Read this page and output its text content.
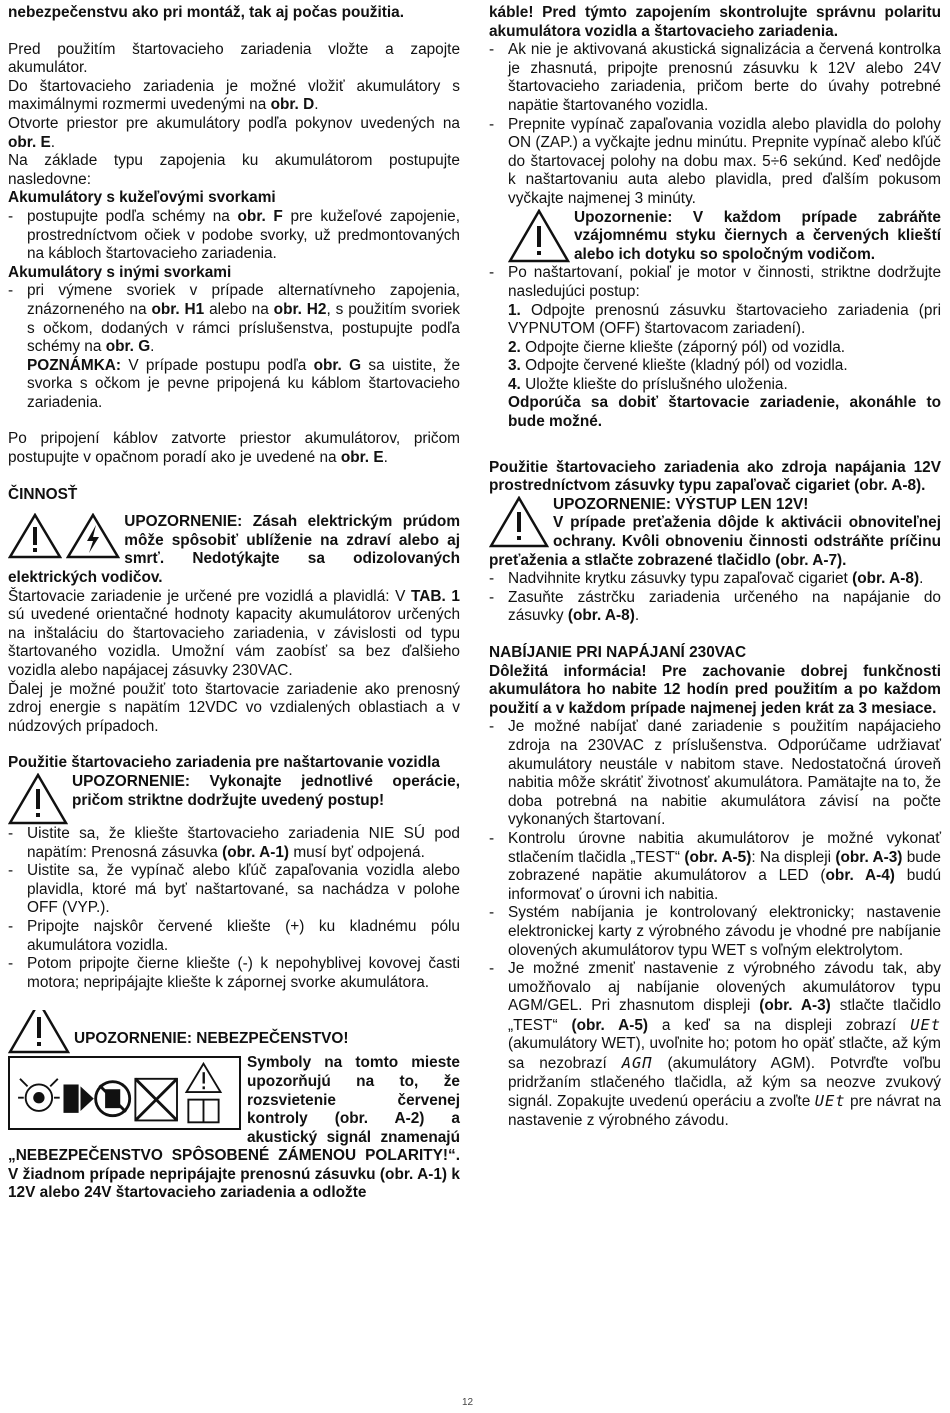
nebezpečenstvu ako pri montáž, tak aj počas použitia.

Pred použitím štartovacieho zariadenia vložte a zapojte akumulátor.

Do štartovacieho zariadenia je možné vložiť akumulátory s maximálnymi rozmermi uvedenými na obr. D.

Otvorte priestor pre akumulátory podľa pokynov uvedených na obr. E.

Na základe typu zapojenia ku akumulátorom postupujte nasledovne:

Akumulátory s kužeľovými svorkami

- postupujte podľa schémy na obr. F pre kužeľové zapojenie, prostredníctvom očiek v podobe svorky, už predmontovaných na kábloch štartovacieho zariadenia.

Akumulátory s inými svorkami

- pri výmene svoriek v prípade alternatívneho zapojenia, znázorneného na obr. H1 alebo na obr. H2, s použitím svoriek s očkom, dodaných v rámci príslušenstva, postupujte podľa schémy na obr. G.

POZNÁMKA: V prípade postupu podľa obr. G sa uistite, že svorka s očkom je pevne pripojená ku káblom štartovacieho zariadenia.

Po pripojení káblov zatvorte priestor akumulátorov, pričom postupujte v opačnom poradí ako je uvedené na obr. E.

ČINNOSŤ

UPOZORNENIE: Zásah elektrickým prúdom môže spôsobiť ublíženie na zdraví alebo aj smrť. Nedotýkajte sa odizolovaných elektrických vodičov.

Štartovacie zariadenie je určené pre vozidlá a plavidlá: V TAB. 1 sú uvedené orientačné hodnoty kapacity akumulátorov určených na inštaláciu do štartovacieho zariadenia, v závislosti od typu štartovaného vozidla. Umožní vám zaobísť sa bez ďalšieho vozidla alebo napájacej zásuvky 230VAC.

Ďalej je možné použiť toto štartovacie zariadenie ako prenosný zdroj energie s napätím 12VDC vo vzdialených oblastiach a v núdzových prípadoch.

Použitie štartovacieho zariadenia pre naštartovanie vozidla

UPOZORNENIE: Vykonajte jednotlivé operácie, pričom striktne dodržujte uvedený postup!

- Uistite sa, že kliešte štartovacieho zariadenia NIE SÚ pod napätím: Prenosná zásuvka (obr. A-1) musí byť odpojená.
- Uistite sa, že vypínač alebo kľúč zapaľovania vozidla alebo plavidla, ktoré má byť naštartované, sa nachádza v polohe OFF (VYP.).
- Pripojte najskôr červené kliešte (+) ku kladnému pólu akumulátora vozidla.
- Potom pripojte čierne kliešte (-) k nepohyblivej kovovej časti motora; nepripájajte kliešte k zápornej svorke akumulátora.

UPOZORNENIE: NEBEZPEČENSTVO!

Symboly na tomto mieste upozorňujú na to, že rozsvietenie červenej kontroly (obr. A-2) a akustický signál znamenajú „NEBEZPEČENSTVO SPÔSOBENÉ ZÁMENOU POLARITY!“. V žiadnom prípade nepripájajte prenosnú zásuvku (obr. A-1) k 12V alebo 24V štartovacieho zariadenia a odložte

káble! Pred týmto zapojením skontrolujte správnu polaritu akumulátora vozidla a štartovacieho zariadenia.

- Ak nie je aktivovaná akustická signalizácia a červená kontrolka je zhasnutá, pripojte prenosnú zásuvku k 12V alebo 24V štartovacieho zariadenia, pričom berte do úvahy potrebné napätie štartovaného vozidla.
- Prepnite vypínač zapaľovania vozidla alebo plavidla do polohy ON (ZAP.) a vyčkajte jednu minútu. Prepnite vypínač alebo kľúč do štartovacej polohy na dobu max. 5÷6 sekúnd. Keď nedôjde k naštartovaniu auta alebo plavidla, pred ďalším pokusom vyčkajte najmenej 3 minúty.

Upozornenie: V každom prípade zabráňte vzájomnému styku čiernych a červených klieští alebo ich dotyku so spoločným vodičom.

- Po naštartovaní, pokiaľ je motor v činnosti, striktne dodržujte nasledujúci postup:
1. Odpojte prenosnú zásuvku štartovacieho zariadenia (pri VYPNUTOM (OFF) štartovacom zariadení).
2. Odpojte čierne kliešte (záporný pól) od vozidla.
3. Odpojte červené kliešte (kladný pól) od vozidla.
4. Uložte kliešte do príslušného uloženia.

Odporúča sa dobiť štartovacie zariadenie, akonáhle to bude možné.

Použitie štartovacieho zariadenia ako zdroja napájania 12V prostredníctvom zásuvky typu zapaľovač cigariet (obr. A-8).

UPOZORNENIE: VÝSTUP LEN 12V!

V prípade preťaženia dôjde k aktivácii obnoviteľnej ochrany. Kvôli obnoveniu činnosti odstráňte príčinu preťaženia a stlačte zobrazené tlačidlo (obr. A-7).

- Nadvihnite krytku zásuvky typu zapaľovač cigariet (obr. A-8).
- Zasuňte zástrčku zariadenia určeného na napájanie do zásuvky (obr. A-8).

NABÍJANIE PRI NAPÁJANÍ 230VAC

Dôležitá informácia! Pre zachovanie dobrej funkčnosti akumulátora ho nabite 12 hodín pred použitím a po každom použití a v každom prípade najmenej jeden krát za 3 mesiace.

- Je možné nabíjať dané zariadenie s použitím napájacieho zdroja na 230VAC z príslušenstva. Odporúčame udržiavať akumulátory neustále v nabitom stave. Nedostatočná úroveň nabitia môže skrátiť životnosť akumulátora. Pamätajte na to, že doba potrebná na nabitie akumulátora závisí na počte vykonaných štartovaní.
- Kontrolu úrovne nabitia akumulátorov je možné vykonať stlačením tlačidla „TEST“ (obr. A-5): Na displeji (obr. A-3) bude zobrazené napätie akumulátorov a LED (obr. A-4) budú informovať o úrovni ich nabitia.
- Systém nabíjania je kontrolovaný elektronicky; nastavenie elektronickej karty z výrobného závodu je vhodné pre nabíjanie olovených akumulátorov typu WET s voľným elektrolytom.
- Je možné zmeniť nastavenie z výrobného závodu tak, aby umožňovalo aj nabíjanie olovených akumulátorov typu AGM/GEL. Pri zhasnutom displeji (obr. A-3) stlačte tlačidlo „TEST“ (obr. A-5) a keď sa na displeji zobrazí UEt (akumulátory WET), uvoľnite ho; potom ho opäť stlačte, až kým sa nezobrazí AGΠ (akumulátory AGM). Potvrďte voľbu pridržaním stlačeného tlačidla, až kým sa neozve zvukový signál. Zopakujte uvedenú operáciu a zvoľte UEt pre návrat na nastavenie z výrobného závodu.
12
